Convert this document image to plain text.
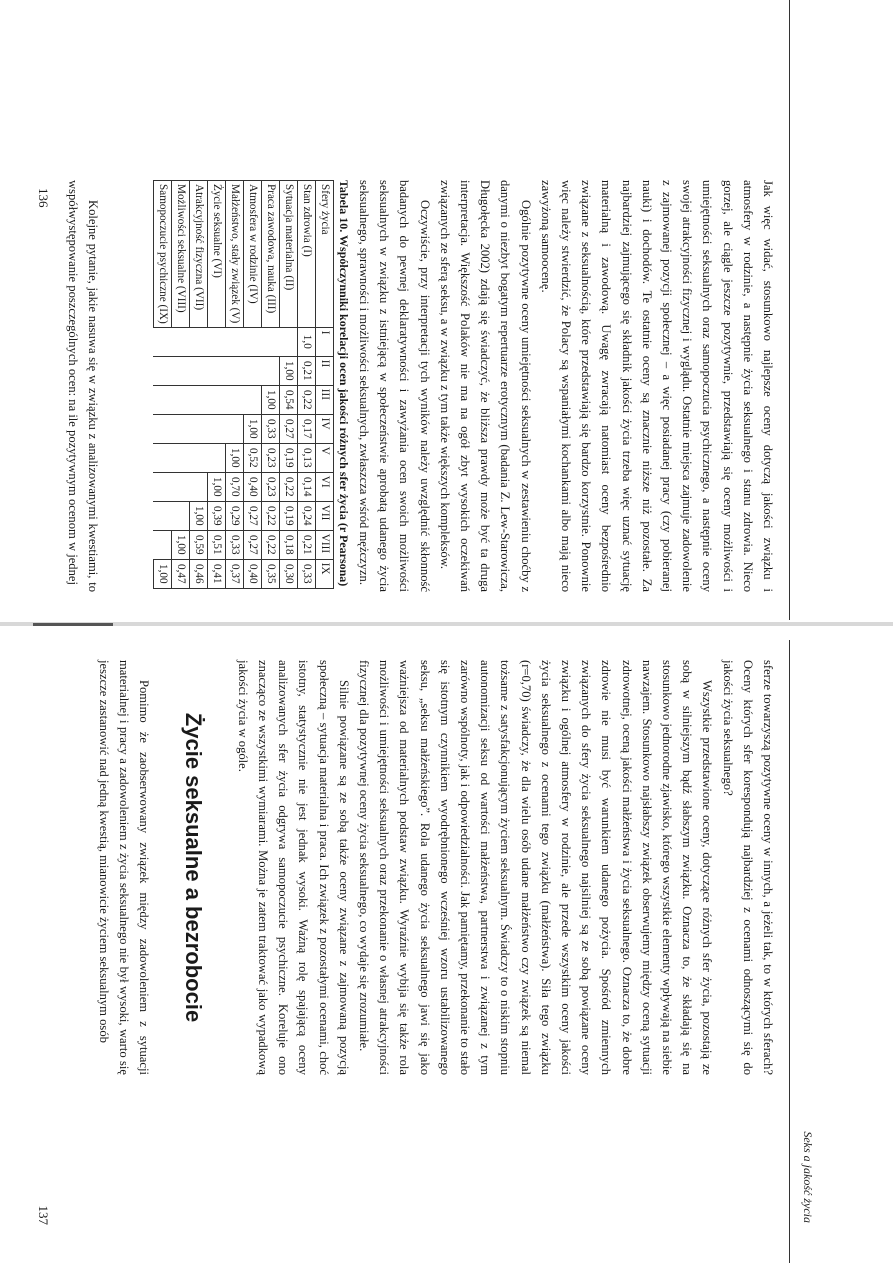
Jak więc widać, stosunkowo najlepsze oceny dotyczą jakości związku i atmosfery w rodzinie, a następnie życia seksualnego i stanu zdrowia. Nieco gorzej, ale ciągle jeszcze pozytywnie, przedstawiają się oceny możliwości i umiejętności seksualnych oraz samopoczucia psychicznego, a następnie oceny swojej atrakcyjności fizycznej i wyglądu. Ostatnie miejsca zajmuje zadowolenie z zajmowanej pozycji społecznej – a więc posiadanej pracy (czy pobieranej nauki) i dochodów. Te ostatnie oceny są znacznie niższe niż pozostałe. Za najbardziej zajmującego się składnik jakości życia trzeba więc uznać sytuację materialną i zawodową. Uwagę zwracają natomiast oceny bezpośrednio związane z seksualnością, które przedstawiają się bardzo korzystnie. Ponownie więc należy stwierdzić, że Polacy są wspaniałymi kochankami albo mają nieco zawyżoną samoocenę.

Ogólnie pozytywne oceny umiejętności seksualnych w zestawieniu choćby z danymi o niezbyt bogatym repertuarze erotycznym (badania Z. Lew-Starowicza, Długołęcka 2002) zdają się świadczyć, że bliższa prawdy może być ta druga interpretacja. Większość Polaków nie ma na ogół zbyt wysokich oczekiwań związanych ze sferą seksu, a w związku z tym także większych kompleksów.

Oczywiście, przy interpretacji tych wyników należy uwzględnić skłonność badanych do pewnej deklaratywności i zawyżania ocen swoich możliwości seksualnych w związku z istniejącą w społeczeństwie aprobatą udanego życia seksualnego, sprawności i możliwości seksualnych, zwłaszcza wśród mężczyzn.

Tabela 10. Współczynniki korelacji ocen jakości różnych sfer życia (r Pearsona)

Sfery życia	I	II	III	IV	V	VI	VII	VIII	IX
Stan zdrowia (I)	1,0	0,21	0,22	0,17	0,13	0,14	0,24	0,21	0,33
Sytuacja materialna (II)		1,00	0,54	0,27	0,19	0,22	0,19	0,18	0,30
Praca zawodowa, nauka (III)			1,00	0,33	0,23	0,23	0,22	0,22	0,35
Atmosfera w rodzinie (IV)				1,00	0,52	0,40	0,27	0,27	0,40
Małżeństwo, stały związek (V)					1,00	0,70	0,29	0,33	0,37
Życie seksualne (VI)						1,00	0,39	0,51	0,41
Atrakcyjność fizyczna (VII)							1,00	0,59	0,46
Możliwości seksualne (VIII)								1,00	0,47
Samopoczucie psychiczne (IX)									1,00

Kolejne pytanie, jakie nasuwa się w związku z analizowanymi kwestiami, to współwystępowanie poszczególnych ocen: na ile pozytywnym ocenom w jednej

136
Seks a jakość życia

sferze towarzyszą pozytywne oceny w innych, a jeżeli tak, to w których sferach? Oceny których sfer korespondują najbardziej z ocenami odnoszącymi się do jakości życia seksualnego?

Wszystkie przedstawione oceny, dotyczące różnych sfer życia, pozostają ze sobą w silniejszym bądź słabszym związku. Oznacza to, że składają się na stosunkowo jednorodne zjawisko, którego wszystkie elementy wpływają na siebie nawzajem. Stosunkowo najsłabszy związek obserwujemy między oceną sytuacji zdrowotnej, oceną jakości małżeństwa i życia seksualnego. Oznacza to, że dobre zdrowie nie musi być warunkiem udanego pożycia. Spośród zmiennych związanych do sfery życia seksualnego najsilniej są ze sobą powiązane oceny związku i ogólnej atmosfery w rodzinie, ale przede wszystkim oceny jakości życia seksualnego z ocenami tego związku (małżeństwa). Siła tego związku (r=0,70) świadczy, że dla wielu osób udane małżeństwo czy związek są niemal tożsame z satysfakcjonującym życiem seksualnym. Świadczy to o niskim stopniu autonomizacji seksu od wartości małżeństwa, partnerstwa i związanej z tym zarówno wspólnoty, jak i odpowiedzialności. Jak pamiętamy, przekonanie to stało się istotnym czynnikiem wyodrębnionego wcześniej wzoru ustabilizowanego seksu, „seksu małżeńskiego”. Rola udanego życia seksualnego jawi się jako ważniejsza od materialnych podstaw związku. Wyraźnie wybija się także rola możliwości i umiejętności seksualnych oraz przekonanie o własnej atrakcyjności fizycznej dla pozytywnej oceny życia seksualnego, co wydaje się zrozumiałe.

Silnie powiązane są ze sobą także oceny związane z zajmowaną pozycją społeczną – sytuacja materialna i praca. Ich związek z pozostałymi ocenami, choć istotny, statystycznie nie jest jednak wysoki. Ważną rolę spajającą oceny analizowanych sfer życia odgrywa samopoczucie psychiczne. Koreluje ono znacząco ze wszystkimi wymiarami. Można je zatem traktować jako wypadkową jakości życia w ogóle.

Życie seksualne a bezrobocie

Pomimo że zaobserwowany związek między zadowoleniem z sytuacji materialnej i pracy a zadowoleniem z życia seksualnego nie był wysoki, warto się jeszcze zastanowić nad jedną kwestią, mianowicie życiem seksualnym osób

137
